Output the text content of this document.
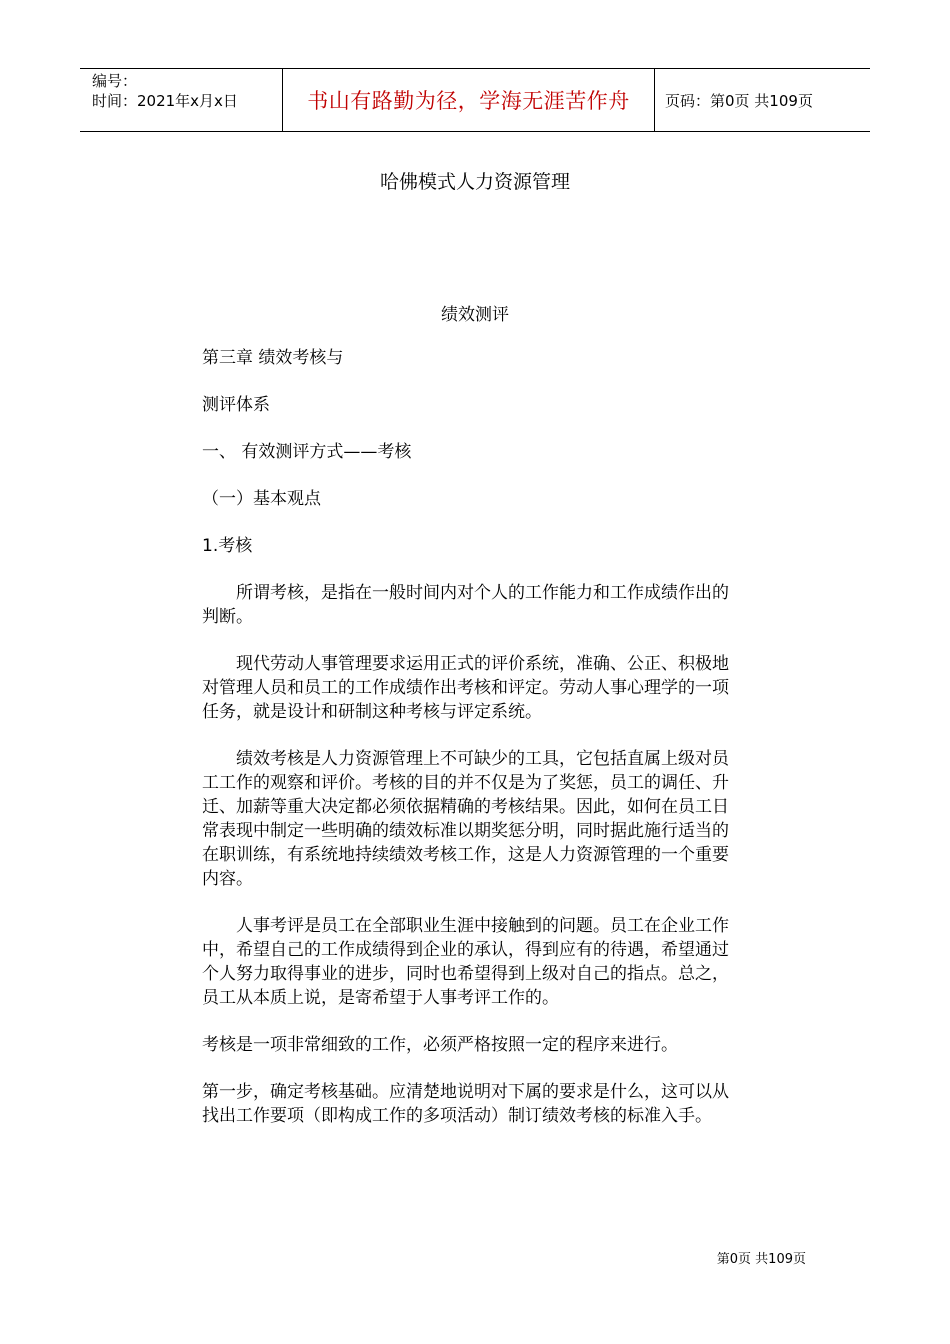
编号：
时间：2021年x月x日	书山有路勤为径，学海无涯苦作舟	页码：第0页 共109页
哈佛模式人力资源管理
绩效测评

第三章 绩效考核与

测评体系

一、 有效测评方式——考核

（一）基本观点

1.考核

所谓考核，是指在一般时间内对个人的工作能力和工作成绩作出的判断。

现代劳动人事管理要求运用正式的评价系统，准确、公正、积极地对管理人员和员工的工作成绩作出考核和评定。劳动人事心理学的一项任务，就是设计和研制这种考核与评定系统。

绩效考核是人力资源管理上不可缺少的工具，它包括直属上级对员工工作的观察和评价。考核的目的并不仅是为了奖惩，员工的调任、升迁、加薪等重大决定都必须依据精确的考核结果。因此，如何在员工日常表现中制定一些明确的绩效标准以期奖惩分明，同时据此施行适当的在职训练，有系统地持续绩效考核工作，这是人力资源管理的一个重要内容。

人事考评是员工在全部职业生涯中接触到的问题。员工在企业工作中，希望自己的工作成绩得到企业的承认，得到应有的待遇，希望通过个人努力取得事业的进步，同时也希望得到上级对自己的指点。总之，员工从本质上说，是寄希望于人事考评工作的。

考核是一项非常细致的工作，必须严格按照一定的程序来进行。

第一步，确定考核基础。应清楚地说明对下属的要求是什么，这可以从找出工作要项（即构成工作的多项活动）制订绩效考核的标准入手。

第0页 共109页
